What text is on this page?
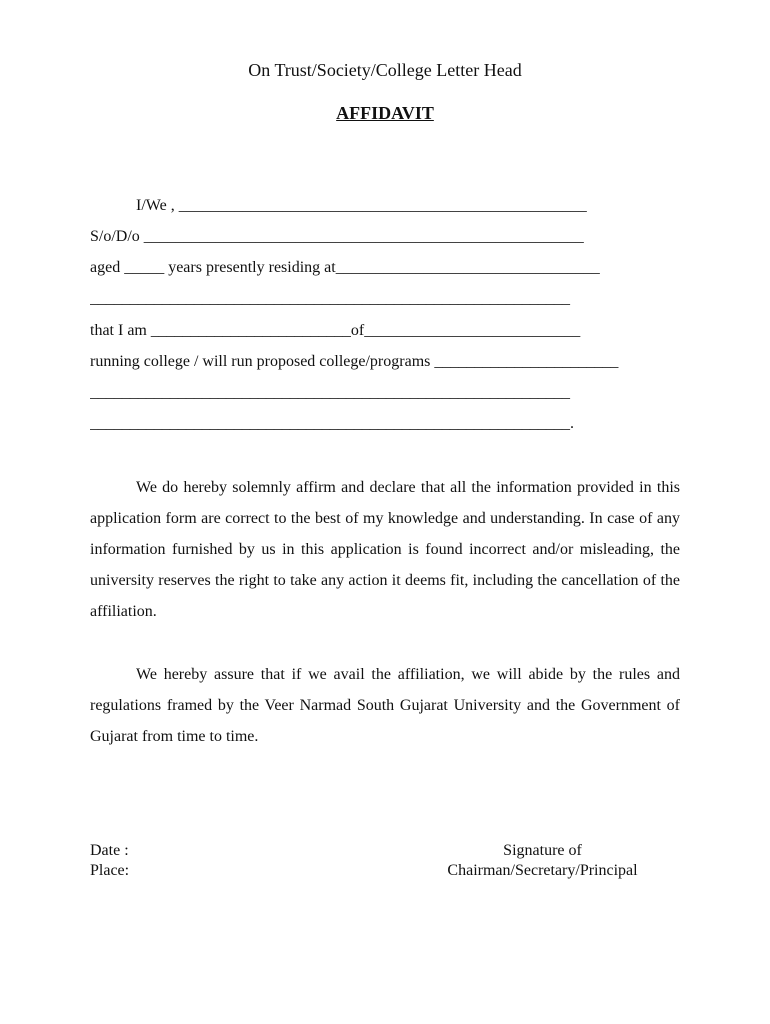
On Trust/Society/College Letter Head
AFFIDAVIT
I/We , ___________________________________________________
S/o/D/o _______________________________________________________
aged _____ years presently residing at_________________________________
____________________________________________________________
that I am _________________________of___________________________
running college / will run proposed college/programs _______________________
____________________________________________________________
____________________________________________________________.
We do hereby solemnly affirm and declare that all the information provided in this application form are correct to the best of my knowledge and understanding. In case of any information furnished by us in this application is found incorrect and/or misleading, the university reserves the right to take any action it deems fit, including the cancellation of the affiliation.
We hereby assure that if we avail the affiliation, we will abide by the rules and regulations framed by the Veer Narmad South Gujarat University and the Government of Gujarat from time to time.
Date :
Place:
Signature of
Chairman/Secretary/Principal
